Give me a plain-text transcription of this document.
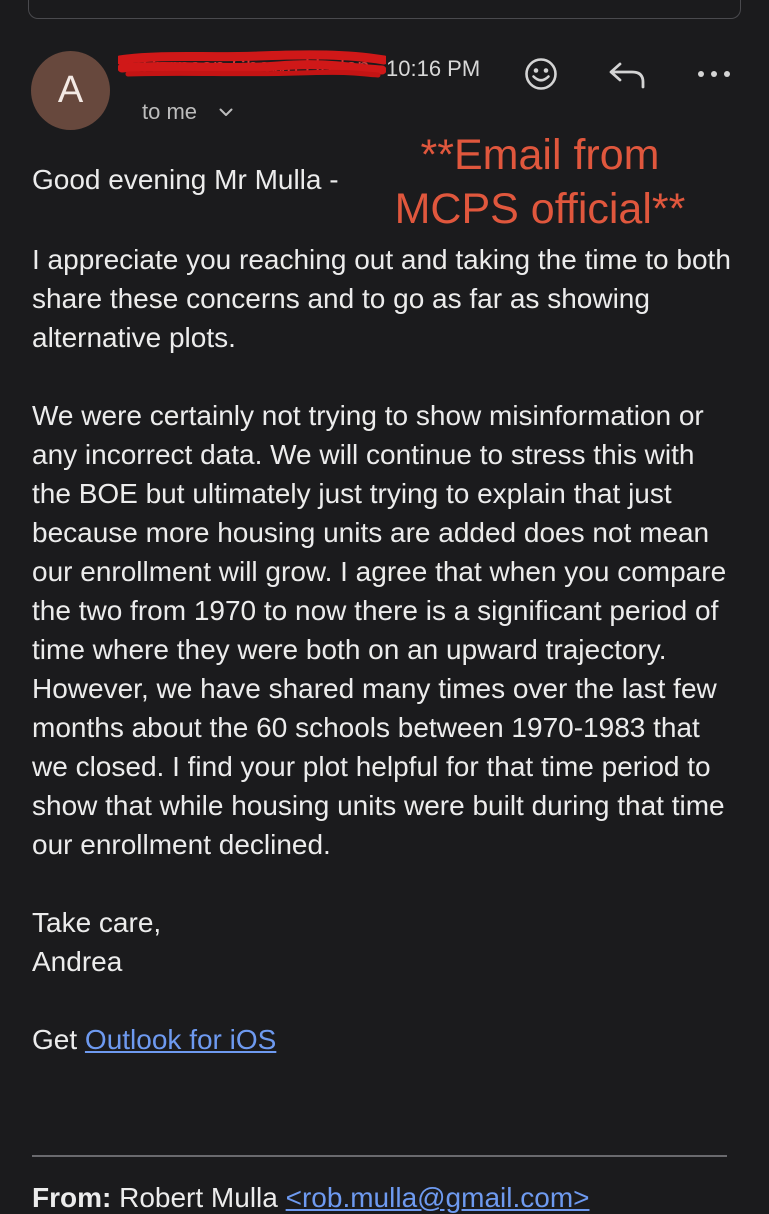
A
Swinsen Shawn Haden 10:16 PM
to me
**Email from
MCPS official**
Good evening Mr Mulla -

I appreciate you reaching out and taking the time to both share these concerns and to go as far as showing alternative plots.

We were certainly not trying to show misinformation or any incorrect data. We will continue to stress this with the BOE but ultimately just trying to explain that just because more housing units are added does not mean our enrollment will grow. I agree that when you compare the two from 1970 to now there is a significant period of time where they were both on an upward trajectory. However, we have shared many times over the last few months about the 60 schools between 1970-1983 that we closed. I find your plot helpful for that time period to show that while housing units were built during that time our enrollment declined.

Take care,
Andrea

Get Outlook for iOS

From: Robert Mulla <rob.mulla@gmail.com>
